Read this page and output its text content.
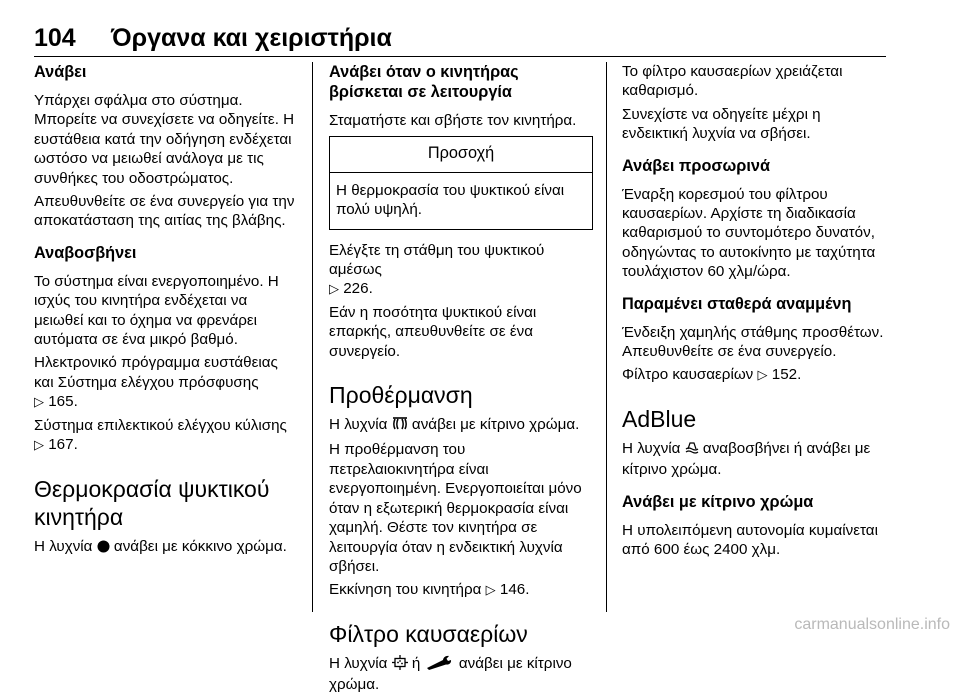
104 Όργανα και χειριστήρια
Ανάβει

Υπάρχει σφάλμα στο σύστημα. Μπορείτε να συνεχίσετε να οδηγείτε. Η ευστάθεια κατά την οδήγηση ενδέχεται ωστόσο να μειωθεί ανάλογα με τις συνθήκες του οδοστρώματος.

Απευθυνθείτε σε ένα συνεργείο για την αποκατάσταση της αιτίας της βλάβης.

Αναβοσβήνει

Το σύστημα είναι ενεργοποιημένο. Η ισχύς του κινητήρα ενδέχεται να μειωθεί και το όχημα να φρενάρει αυτόματα σε ένα μικρό βαθμό.

Ηλεκτρονικό πρόγραμμα ευστάθειας και Σύστημα ελέγχου πρόσφυσης
▷ 165.

Σύστημα επιλεκτικού ελέγχου κύλισης
▷ 167.

Θερμοκρασία ψυκτικού κινητήρα

Η λυχνία ανάβει με κόκκινο χρώμα.

Ανάβει όταν ο κινητήρας βρίσκεται σε λειτουργία

Σταματήστε και σβήστε τον κινητήρα.

Προσοχή
Η θερμοκρασία του ψυκτικού είναι πολύ υψηλή.

Ελέγξτε τη στάθμη του ψυκτικού αμέσως
▷ 226.

Εάν η ποσότητα ψυκτικού είναι επαρκής, απευθυνθείτε σε ένα συνεργείο.

Προθέρμανση

Η λυχνία ανάβει με κίτρινο χρώμα.

Η προθέρμανση του πετρελαιοκινητήρα είναι ενεργοποιημένη. Ενεργοποιείται μόνο όταν η εξωτερική θερμοκρασία είναι χαμηλή. Θέστε τον κινητήρα σε λειτουργία όταν η ενδεικτική λυχνία σβήσει.

Εκκίνηση του κινητήρα ▷ 146.

Φίλτρο καυσαερίων

Η λυχνία ή	ανάβει με κίτρινο χρώμα.

Το φίλτρο καυσαερίων χρειάζεται καθαρισμό.

Συνεχίστε να οδηγείτε μέχρι η ενδεικτική λυχνία να σβήσει.

Ανάβει προσωρινά

Έναρξη κορεσμού του φίλτρου καυσαερίων. Αρχίστε τη διαδικασία καθαρισμού το συντομότερο δυνατόν, οδηγώντας το αυτοκίνητο με ταχύτητα τουλάχιστον 60 χλμ/ώρα.

Παραμένει σταθερά αναμμένη

Ένδειξη χαμηλής στάθμης προσθέτων. Απευθυνθείτε σε ένα συνεργείο.

Φίλτρο καυσαερίων ▷ 152.

AdBlue

Η λυχνία αναβοσβήνει ή ανάβει με κίτρινο χρώμα.

Ανάβει με κίτρινο χρώμα

Η υπολειπόμενη αυτονομία κυμαίνεται από 600 έως 2400 χλμ.

carmanualsonline.info
